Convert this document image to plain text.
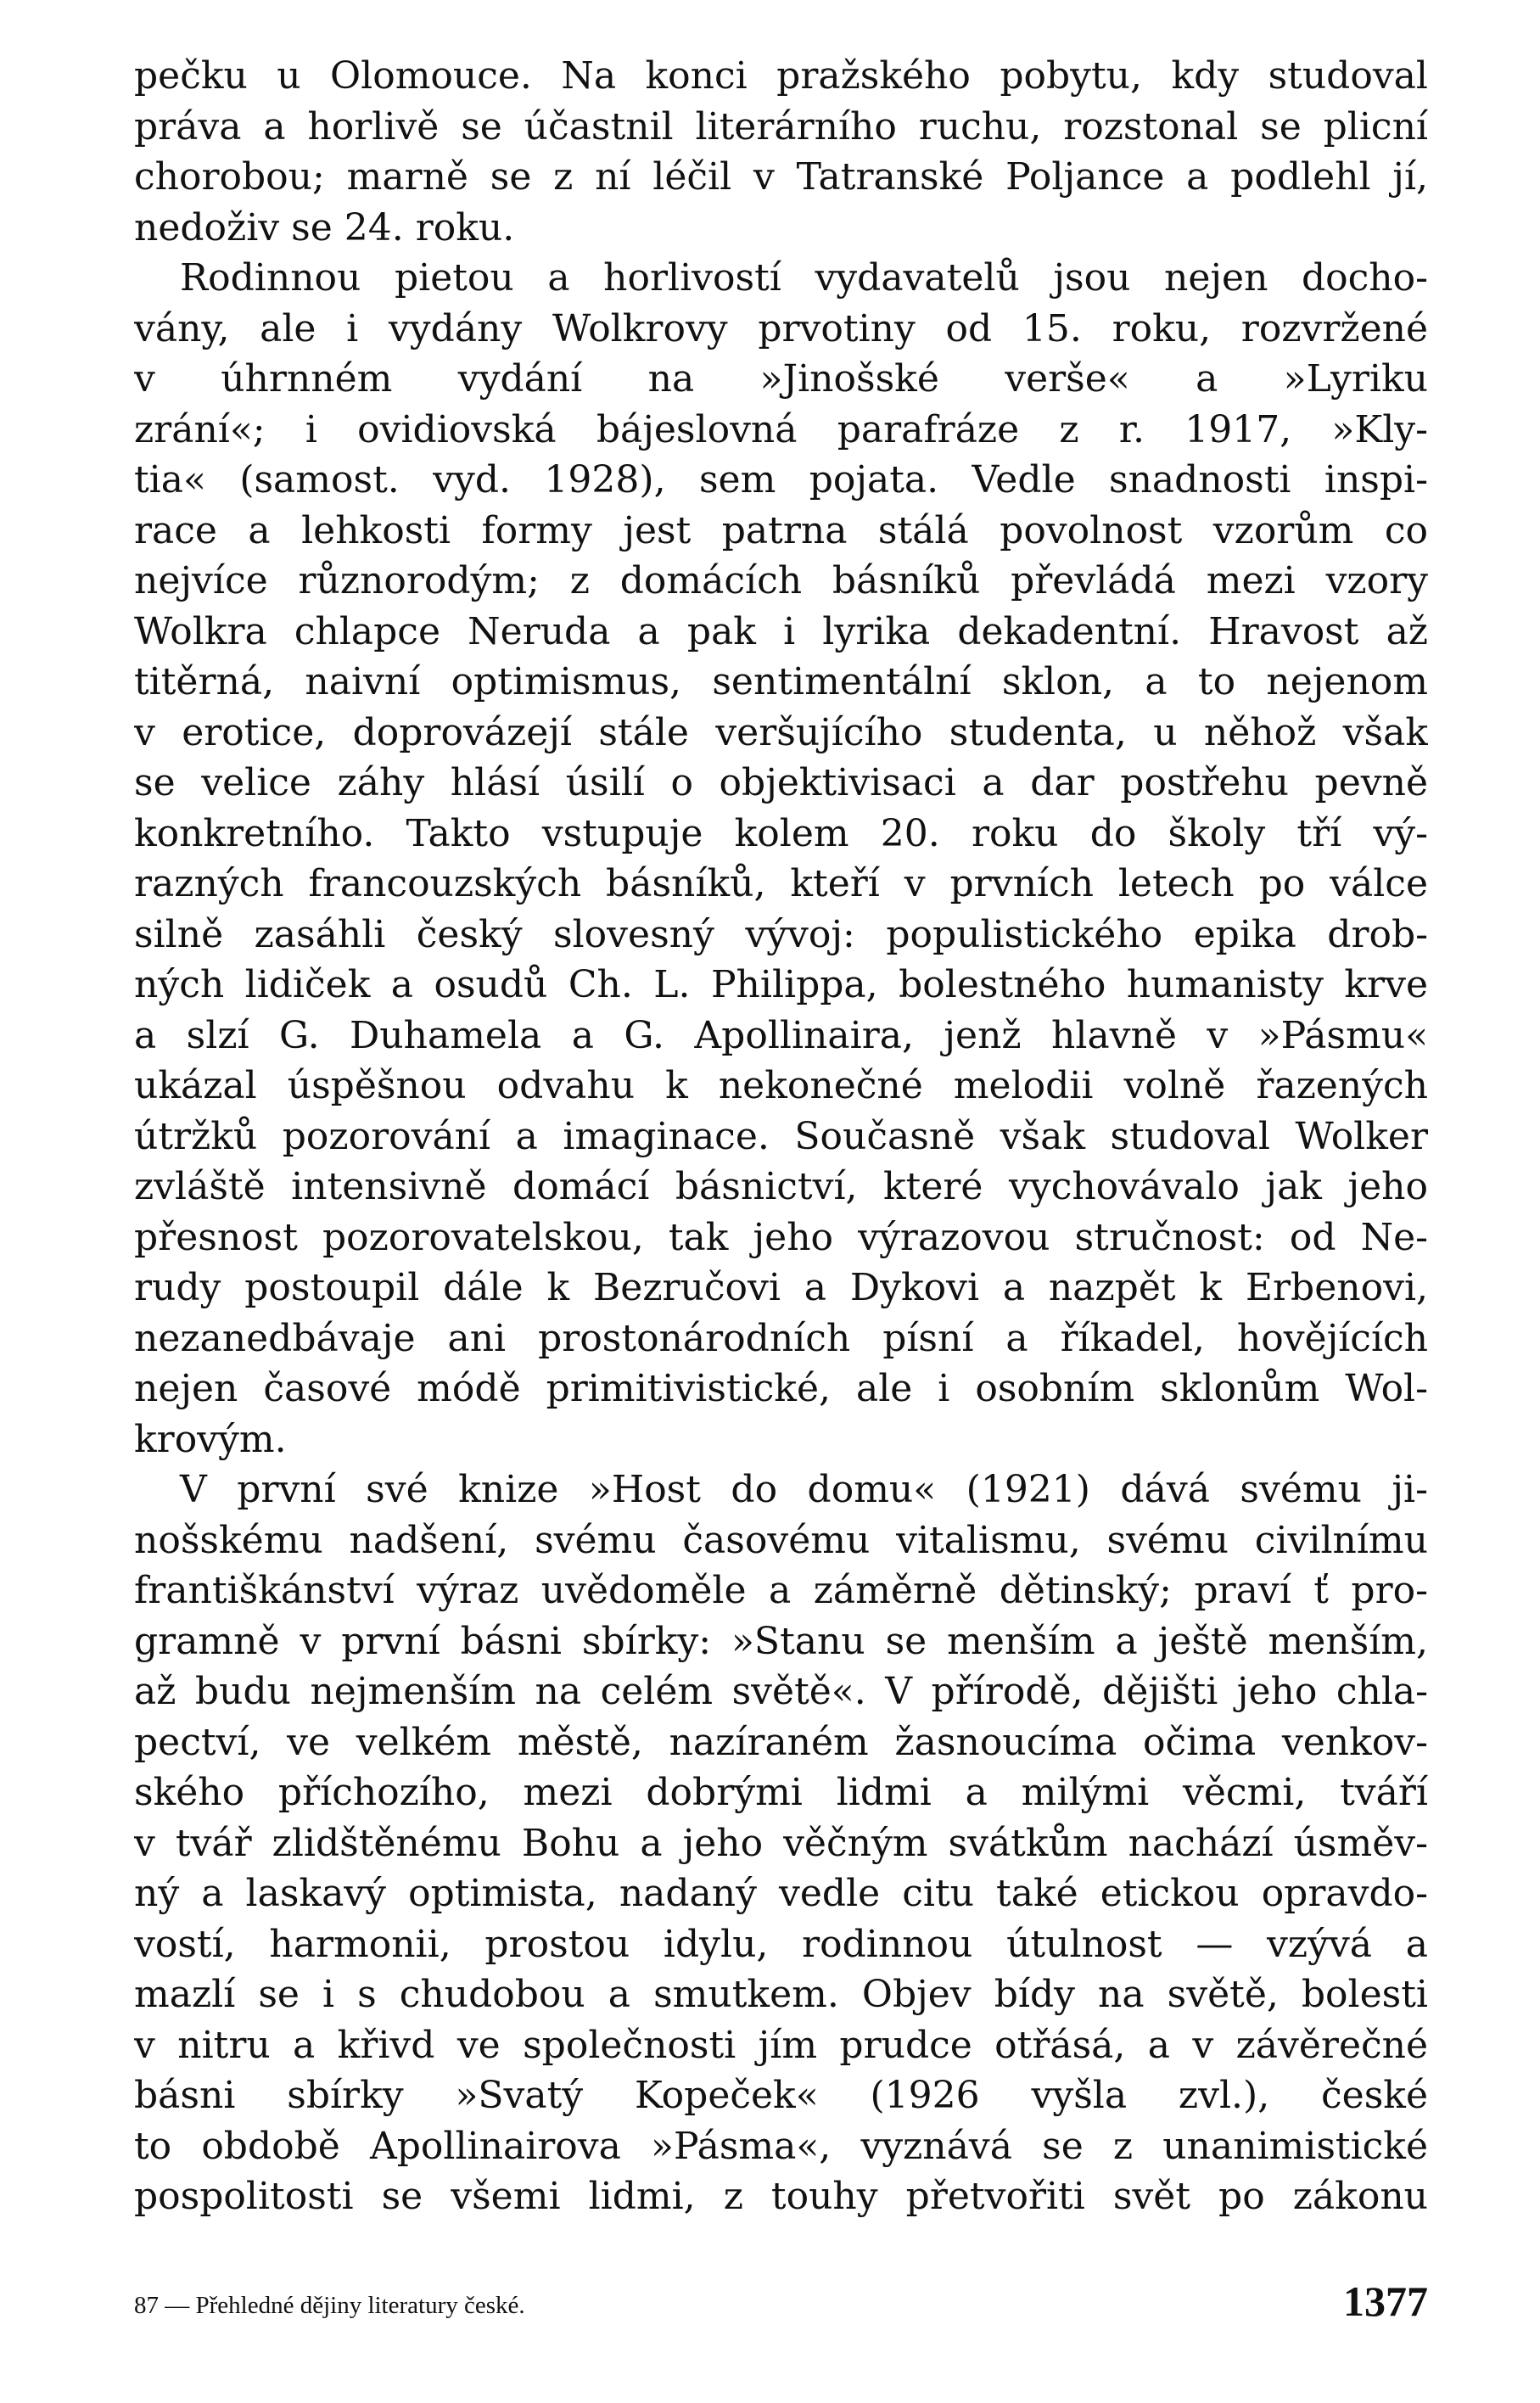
pečku u Olomouce. Na konci pražského pobytu, kdy studoval
práva a horlivě se účastnil literárního ruchu, rozstonal se plicní
chorobou; marně se z ní léčil v Tatranské Poljance a podlehl jí,
nedoživ se 24. roku.
Rodinnou pietou a horlivostí vydavatelů jsou nejen docho-
vány, ale i vydány Wolkrovy prvotiny od 15. roku, rozvržené
v úhrnném vydání na »Jinošské verše« a »Lyriku
zrání«; i ovidiovská bájeslovná parafráze z r. 1917, »Kly-
tia« (samost. vyd. 1928), sem pojata. Vedle snadnosti inspi-
race a lehkosti formy jest patrna stálá povolnost vzorům co
nejvíce různorodým; z domácích básníků převládá mezi vzory
Wolkra chlapce Neruda a pak i lyrika dekadentní. Hravost až
titěrná, naivní optimismus, sentimentální sklon, a to nejenom
v erotice, doprovázejí stále veršujícího studenta, u něhož však
se velice záhy hlásí úsilí o objektivisaci a dar postřehu pevně
konkretního. Takto vstupuje kolem 20. roku do školy tří vý-
razných francouzských básníků, kteří v prvních letech po válce
silně zasáhli český slovesný vývoj: populistického epika drob-
ných lidiček a osudů Ch. L. Philippa, bolestného humanisty krve
a slzí G. Duhamela a G. Apollinaira, jenž hlavně v »Pásmu«
ukázal úspěšnou odvahu k nekonečné melodii volně řazených
útržků pozorování a imaginace. Současně však studoval Wolker
zvláště intensivně domácí básnictví, které vychovávalo jak jeho
přesnost pozorovatelskou, tak jeho výrazovou stručnost: od Ne-
rudy postoupil dále k Bezručovi a Dykovi a nazpět k Erbenovi,
nezanedbávaje ani prostonárodních písní a říkadel, hovějících
nejen časové módě primitivistické, ale i osobním sklonům Wol-
krovým.
V první své knize »Host do domu« (1921) dává svému ji-
nošskému nadšení, svému časovému vitalismu, svému civilnímu
františkánství výraz uvědoměle a záměrně dětinský; praví ť pro-
gramně v první básni sbírky: »Stanu se menším a ještě menším,
až budu nejmenším na celém světě«. V přírodě, dějišti jeho chla-
pectví, ve velkém městě, nazíraném žasnoucíma očima venkov-
ského příchozího, mezi dobrými lidmi a milými věcmi, tváří
v tvář zlidštěnému Bohu a jeho věčným svátkům nachází úsměv-
ný a laskavý optimista, nadaný vedle citu také etickou opravdo-
vostí, harmonii, prostou idylu, rodinnou útulnost — vzývá a
mazlí se i s chudobou a smutkem. Objev bídy na světě, bolesti
v nitru a křivd ve společnosti jím prudce otřásá, a v závěrečné
básni sbírky »Svatý Kopeček« (1926 vyšla zvl.), české
to obdobě Apollinairova »Pásma«, vyznává se z unanimistické
pospolitosti se všemi lidmi, z touhy přetvořiti svět po zákonu
87 — Přehledné dějiny literatury české.	1377
